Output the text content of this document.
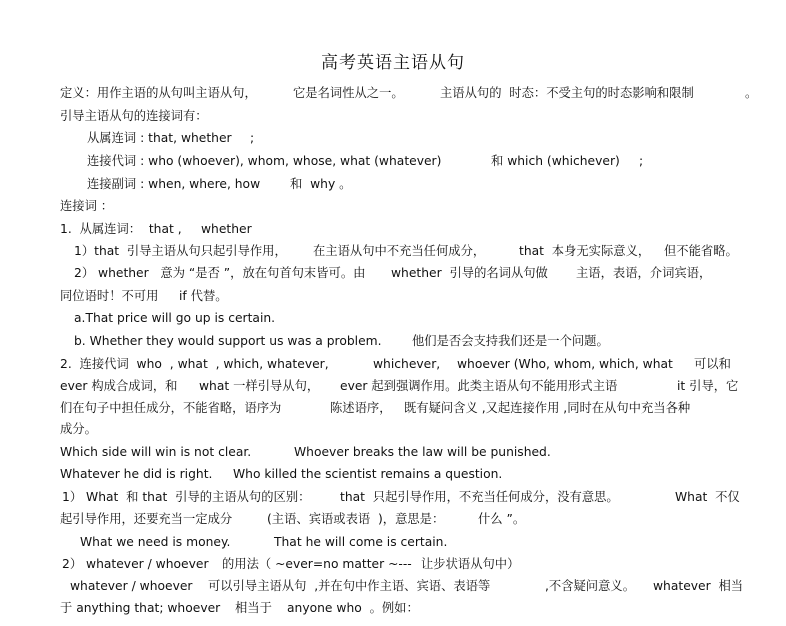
高考英语主语从句
定义：用作主语的从句叫主语从句，	它是名词性从之一。	主语从句的  时态：不受主句的时态影响和限制	。
引导主语从句的连接词有：
从属连词 : that, whether ;
连接代词 : who (whoever), whom, whose, what (whatever)	和 which (whichever) ;
连接副词 : when, where, how 和  why 。
连接词 ：
1.  从属连词：  that , whether
1）that  引导主语从句只起引导作用， 在主语从句中不充当任何成分，	that  本身无实际意义， 但不能省略。
2） whether   意为 “是否 ”，放在句首句末皆可。由 whether  引导的名词从句做 主语，表语，介词宾语，
同位语时！不可用 if 代替。
a.That price will go up is certain.
b. Whether they would support us was a problem. 他们是否会支持我们还是一个问题。
2.  连接代词  who  , what  , which, whatever,	whichever, whoever (Who, whom, which, what 可以和
ever 构成合成词，和 what 一样引导从句， ever 起到强调作用。此类主语从句不能用形式主语	it 引导，它
们在句子中担任成分，不能省略，语序为	陈述语序， 既有疑问含义 ,又起连接作用 ,同时在从句中充当各种
成分。
Which side will win is not clear.	Whoever breaks the law will be punished.
Whatever he did is right. Who killed the scientist remains a question.
1） What  和 that  引导的主语从句的区别： that  只起引导作用，不充当任何成分，没有意思。	What  不仅
起引导作用，还要充当一定成分	(主语、宾语或表语  )，意思是：	什么 ”。
What we need is money.	That he will come is certain.
2） whatever / whoever 的用法（ ~ever=no matter ~--- 让步状语从句中）
whatever / whoever 可以引导主语从句  ,并在句中作主语、宾语、表语等	,不含疑问意义。 whatever  相当
于 anything that; whoever 相当于 anyone who  。例如：
